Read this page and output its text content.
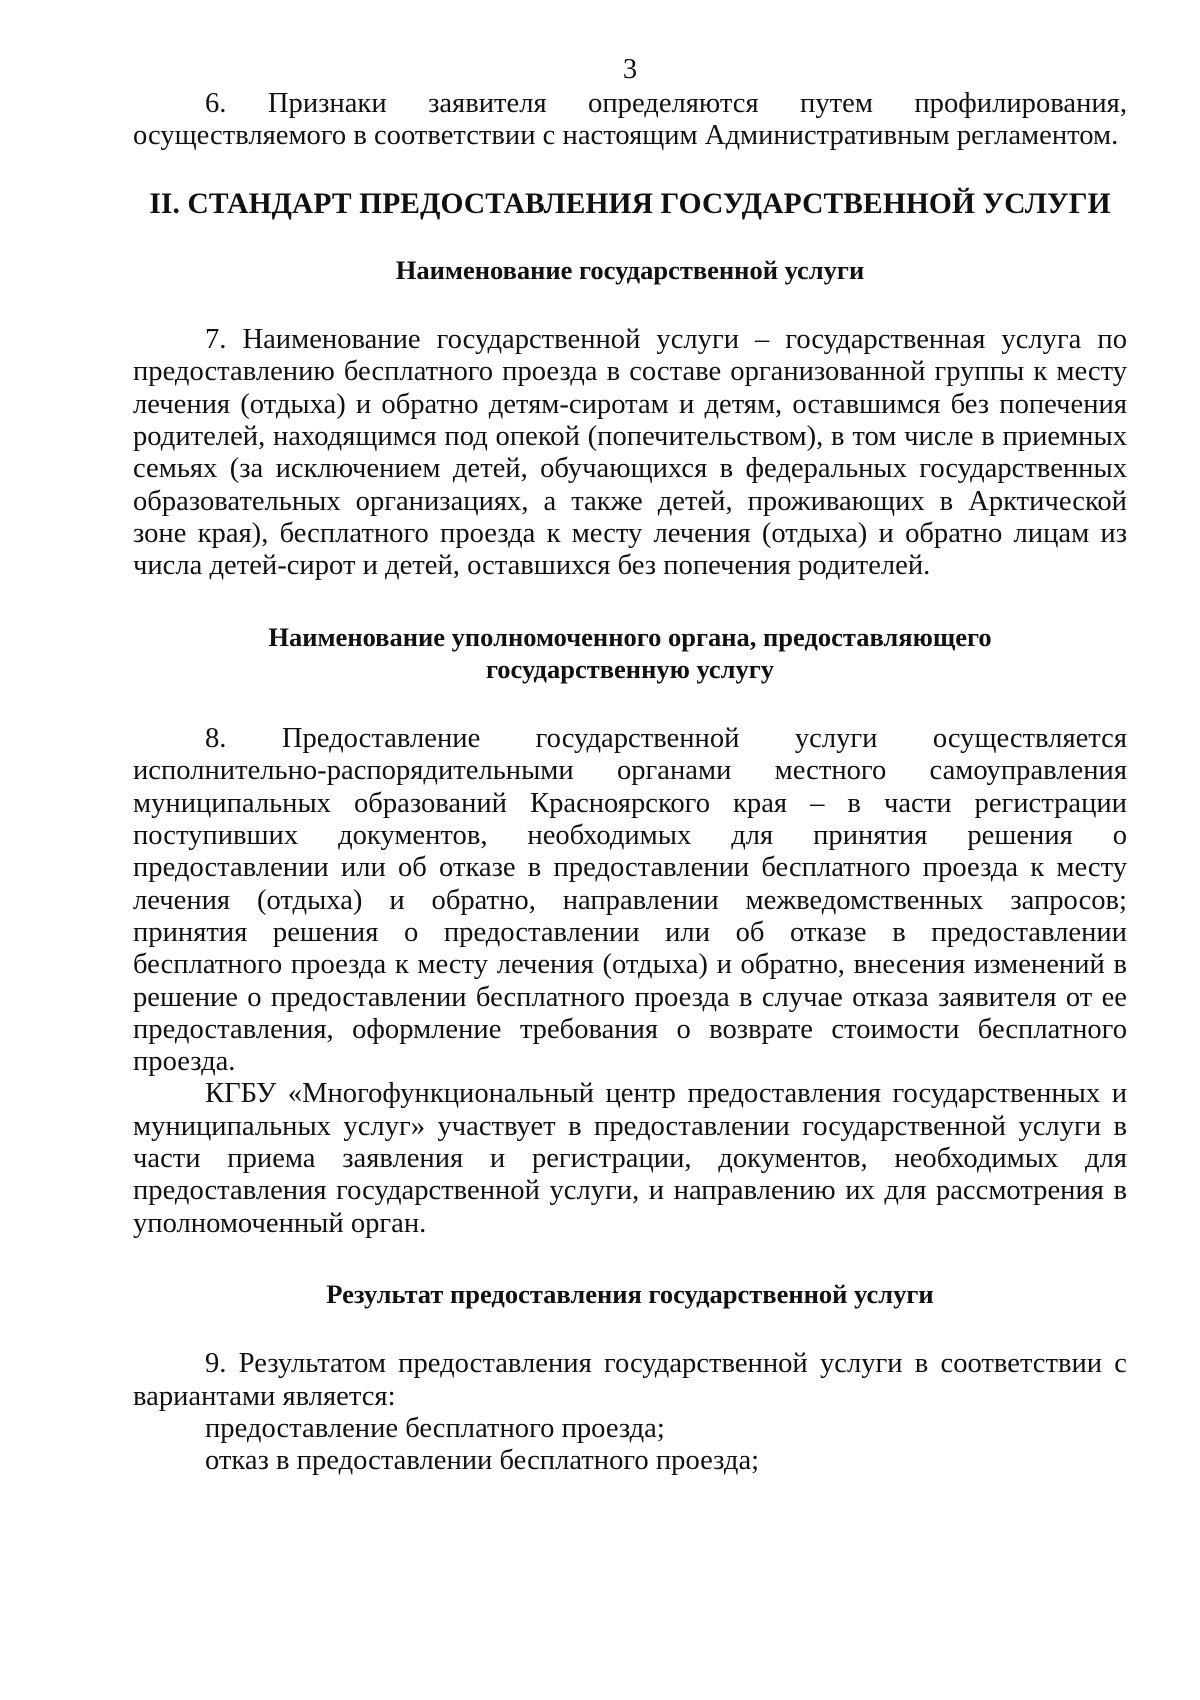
3

6. Признаки заявителя определяются путем профилирования, осуществляемого в соответствии с настоящим Административным регламентом.

II. СТАНДАРТ ПРЕДОСТАВЛЕНИЯ ГОСУДАРСТВЕННОЙ УСЛУГИ

Наименование государственной услуги

7. Наименование государственной услуги – государственная услуга по предоставлению бесплатного проезда в составе организованной группы к месту лечения (отдыха) и обратно детям-сиротам и детям, оставшимся без попечения родителей, находящимся под опекой (попечительством), в том числе в приемных семьях (за исключением детей, обучающихся в федеральных государственных образовательных организациях, а также детей, проживающих в Арктической зоне края), бесплатного проезда к месту лечения (отдыха) и обратно лицам из числа детей-сирот и детей, оставшихся без попечения родителей.

Наименование уполномоченного органа, предоставляющего

государственную услугу

8. Предоставление государственной услуги осуществляется исполнительно-распорядительными органами местного самоуправления муниципальных образований Красноярского края – в части регистрации поступивших документов, необходимых для принятия решения о предоставлении или об отказе в предоставлении бесплатного проезда к месту лечения (отдыха) и обратно, направлении межведомственных запросов; принятия решения о предоставлении или об отказе в предоставлении бесплатного проезда к месту лечения (отдыха) и обратно, внесения изменений в решение о предоставлении бесплатного проезда в случае отказа заявителя от ее предоставления, оформление требования о возврате стоимости бесплатного проезда.

КГБУ «Многофункциональный центр предоставления государственных и муниципальных услуг» участвует в предоставлении государственной услуги в части приема заявления и регистрации, документов, необходимых для предоставления государственной услуги, и направлению их для рассмотрения в уполномоченный орган.

Результат предоставления государственной услуги

9. Результатом предоставления государственной услуги в соответствии с вариантами является:

предоставление бесплатного проезда;

отказ в предоставлении бесплатного проезда;
